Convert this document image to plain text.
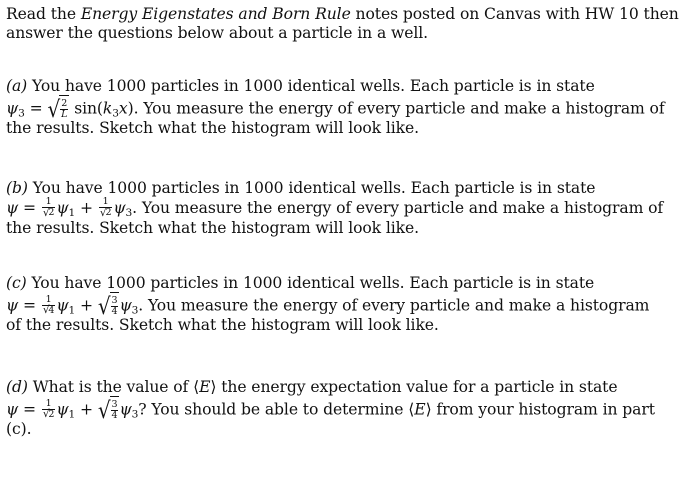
Read the Energy Eigenstates and Born Rule notes posted on Canvas with HW 10 then
answer the questions below about a particle in a well.
(a) You have 1000 particles in 1000 identical wells. Each particle is in state
$\psi_3$ = √ $\frac{2}{L} \sin(k_3x)$. You measure the energy of every particle and make a histogram of
the results. Sketch what the histogram will look like.
(b) You have 1000 particles in 1000 identical wells. Each particle is in state
$\psi = \frac{1}{√2} \psi_1 + \frac{1}{√2} \psi_3$. You measure the energy of every particle and make a histogram of
the results. Sketch what the histogram will look like.
(c) You have 1000 particles in 1000 identical wells. Each particle is in state
$\psi = \frac{1}{√4} \psi_1$ + √ $\frac{3}{4} \psi_3$. You measure the energy of every particle and make a histogram
of the results. Sketch what the histogram will look like.
(d) What is the value of ⟨E⟩ the energy expectation value for a particle in state
$\psi = \frac{1}{√2} \psi_1$ + √ $\frac{3}{4} \psi_3$? You should be able to determine ⟨E⟩ from your histogram in part
(c).
